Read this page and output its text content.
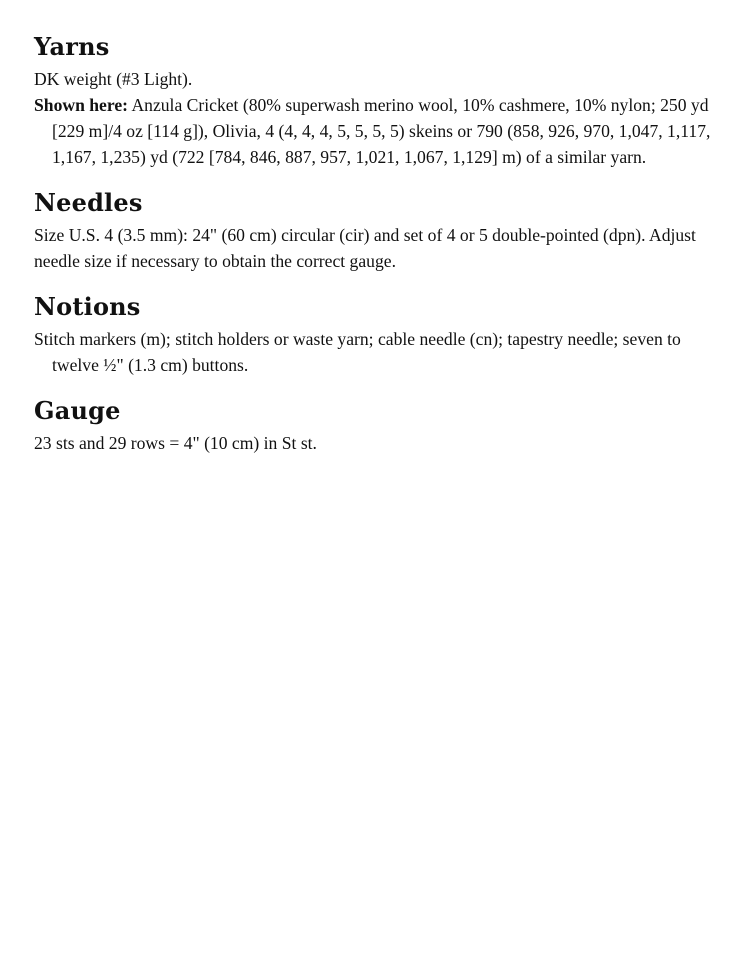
Yarns

DK weight (#3 Light).

Shown here: Anzula Cricket (80% superwash merino wool, 10% cashmere, 10% nylon; 250 yd [229 m]/4 oz [114 g]), Olivia, 4 (4, 4, 4, 5, 5, 5, 5) skeins or 790 (858, 926, 970, 1,047, 1,117, 1,167, 1,235) yd (722 [784, 846, 887, 957, 1,021, 1,067, 1,129] m) of a similar yarn.

Needles

Size U.S. 4 (3.5 mm): 24" (60 cm) circular (cir) and set of 4 or 5 double-pointed (dpn). Adjust needle size if necessary to obtain the correct gauge.

Notions

Stitch markers (m); stitch holders or waste yarn; cable needle (cn); tapestry needle; seven to twelve ½" (1.3 cm) buttons.

Gauge

23 sts and 29 rows = 4" (10 cm) in St st.
